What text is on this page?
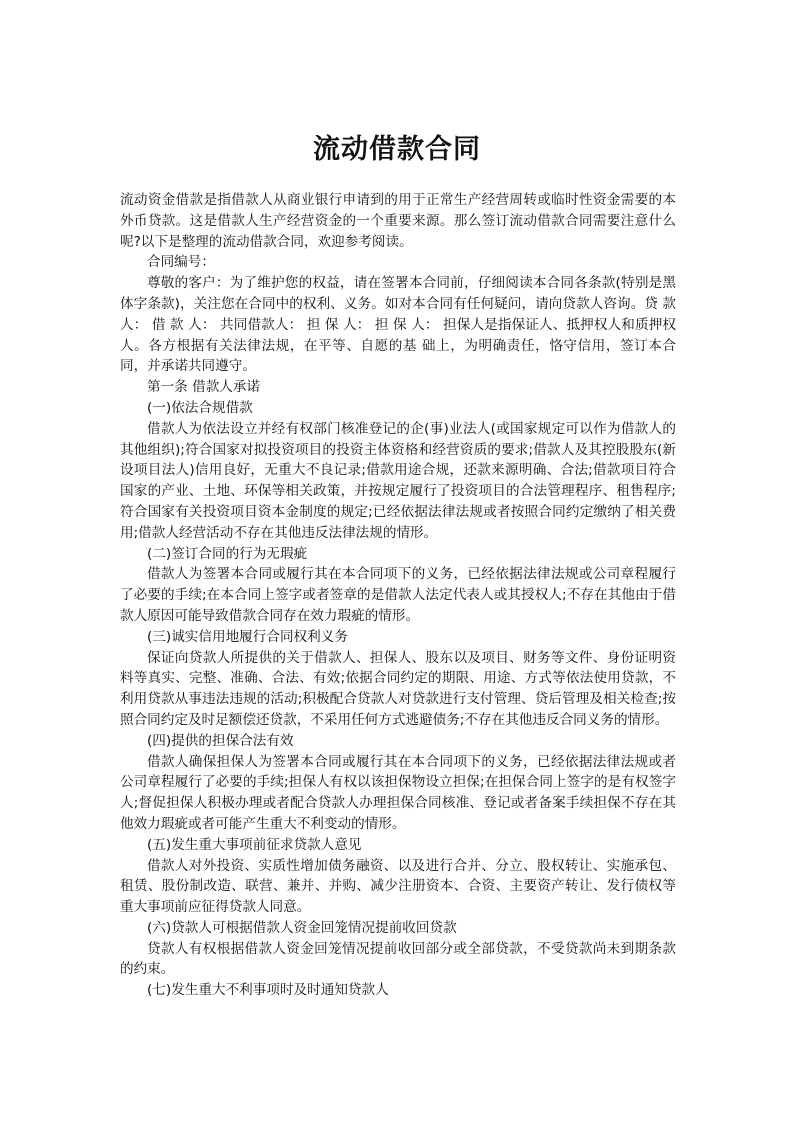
流动借款合同

流动资金借款是指借款人从商业银行申请到的用于正常生产经营周转或临时性资金需要的本外币贷款。这是借款人生产经营资金的一个重要来源。那么签订流动借款合同需要注意什么呢?以下是整理的流动借款合同，欢迎参考阅读。

合同编号：

尊敬的客户：为了维护您的权益，请在签署本合同前，仔细阅读本合同各条款(特别是黑体字条款)，关注您在合同中的权利、义务。如对本合同有任何疑问，请向贷款人咨询。贷 款 人： 借 款 人： 共同借款人： 担 保 人： 担 保 人： 担保人是指保证人、抵押权人和质押权人。各方根据有关法律法规，在平等、自愿的基 础上，为明确责任，恪守信用，签订本合同，并承诺共同遵守。

第一条 借款人承诺

(一)依法合规借款

借款人为依法设立并经有权部门核准登记的企(事)业法人(或国家规定可以作为借款人的其他组织);符合国家对拟投资项目的投资主体资格和经营资质的要求;借款人及其控股股东(新设项目法人)信用良好，无重大不良记录;借款用途合规，还款来源明确、合法;借款项目符合国家的产业、土地、环保等相关政策，并按规定履行了投资项目的合法管理程序、租售程序;符合国家有关投资项目资本金制度的规定;已经依据法律法规或者按照合同约定缴纳了相关费用;借款人经营活动不存在其他违反法律法规的情形。

(二)签订合同的行为无瑕疵

借款人为签署本合同或履行其在本合同项下的义务，已经依据法律法规或公司章程履行了必要的手续;在本合同上签字或者签章的是借款人法定代表人或其授权人;不存在其他由于借款人原因可能导致借款合同存在效力瑕疵的情形。

(三)诚实信用地履行合同权利义务

保证向贷款人所提供的关于借款人、担保人、股东以及项目、财务等文件、身份证明资料等真实、完整、准确、合法、有效;依据合同约定的期限、用途、方式等依法使用贷款，不利用贷款从事违法违规的活动;积极配合贷款人对贷款进行支付管理、贷后管理及相关检查;按照合同约定及时足额偿还贷款，不采用任何方式逃避债务;不存在其他违反合同义务的情形。

(四)提供的担保合法有效

借款人确保担保人为签署本合同或履行其在本合同项下的义务，已经依据法律法规或者公司章程履行了必要的手续;担保人有权以该担保物设立担保;在担保合同上签字的是有权签字人;督促担保人积极办理或者配合贷款人办理担保合同核准、登记或者备案手续担保不存在其他效力瑕疵或者可能产生重大不利变动的情形。

(五)发生重大事项前征求贷款人意见

借款人对外投资、实质性增加债务融资、以及进行合并、分立、股权转让、实施承包、租赁、股份制改造、联营、兼并、并购、减少注册资本、合资、主要资产转让、发行债权等重大事项前应征得贷款人同意。

(六)贷款人可根据借款人资金回笼情况提前收回贷款

贷款人有权根据借款人资金回笼情况提前收回部分或全部贷款，不受贷款尚未到期条款的约束。

(七)发生重大不利事项时及时通知贷款人
